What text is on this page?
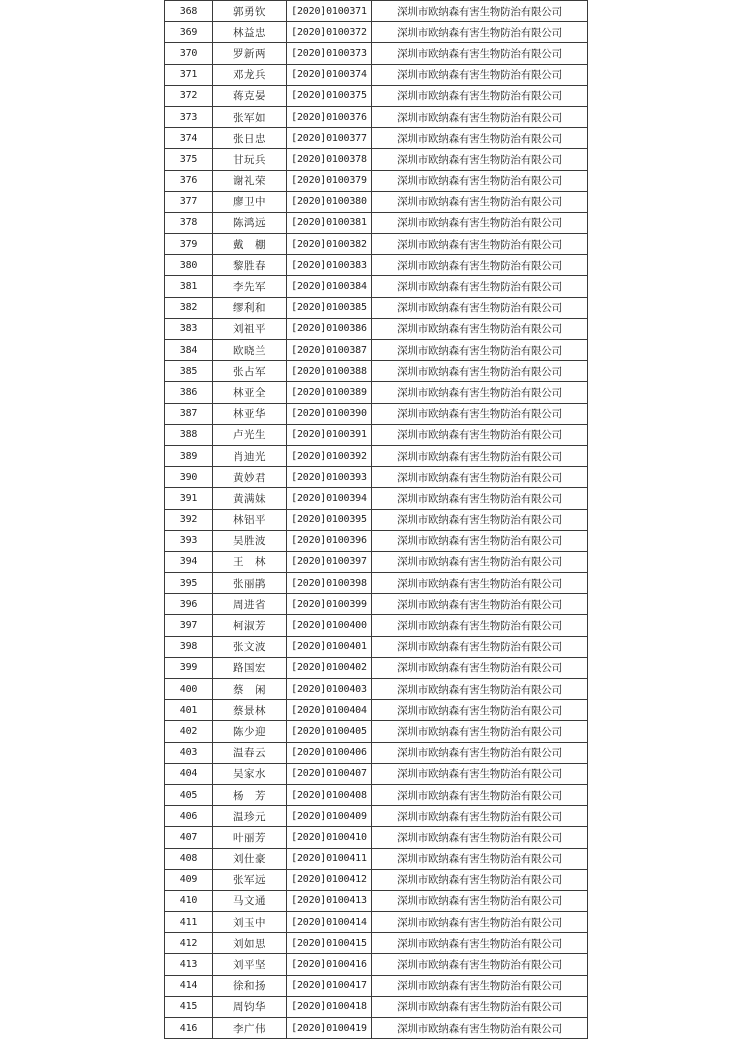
368	郭勇钦	[2020]0100371	深圳市欧纳森有害生物防治有限公司
369	林益忠	[2020]0100372	深圳市欧纳森有害生物防治有限公司
370	罗新两	[2020]0100373	深圳市欧纳森有害生物防治有限公司
371	邓龙兵	[2020]0100374	深圳市欧纳森有害生物防治有限公司
372	蒋克晏	[2020]0100375	深圳市欧纳森有害生物防治有限公司
373	张军如	[2020]0100376	深圳市欧纳森有害生物防治有限公司
374	张日忠	[2020]0100377	深圳市欧纳森有害生物防治有限公司
375	甘玩兵	[2020]0100378	深圳市欧纳森有害生物防治有限公司
376	谢礼荣	[2020]0100379	深圳市欧纳森有害生物防治有限公司
377	廖卫中	[2020]0100380	深圳市欧纳森有害生物防治有限公司
378	陈鸿远	[2020]0100381	深圳市欧纳森有害生物防治有限公司
379	戴　棚	[2020]0100382	深圳市欧纳森有害生物防治有限公司
380	黎胜春	[2020]0100383	深圳市欧纳森有害生物防治有限公司
381	李先军	[2020]0100384	深圳市欧纳森有害生物防治有限公司
382	缪利和	[2020]0100385	深圳市欧纳森有害生物防治有限公司
383	刘祖平	[2020]0100386	深圳市欧纳森有害生物防治有限公司
384	欧晓兰	[2020]0100387	深圳市欧纳森有害生物防治有限公司
385	张占军	[2020]0100388	深圳市欧纳森有害生物防治有限公司
386	林亚全	[2020]0100389	深圳市欧纳森有害生物防治有限公司
387	林亚华	[2020]0100390	深圳市欧纳森有害生物防治有限公司
388	卢光生	[2020]0100391	深圳市欧纳森有害生物防治有限公司
389	肖迪光	[2020]0100392	深圳市欧纳森有害生物防治有限公司
390	黄妙君	[2020]0100393	深圳市欧纳森有害生物防治有限公司
391	黄满妹	[2020]0100394	深圳市欧纳森有害生物防治有限公司
392	林铝平	[2020]0100395	深圳市欧纳森有害生物防治有限公司
393	吴胜波	[2020]0100396	深圳市欧纳森有害生物防治有限公司
394	王　林	[2020]0100397	深圳市欧纳森有害生物防治有限公司
395	张丽鹃	[2020]0100398	深圳市欧纳森有害生物防治有限公司
396	周进省	[2020]0100399	深圳市欧纳森有害生物防治有限公司
397	柯淑芳	[2020]0100400	深圳市欧纳森有害生物防治有限公司
398	张文波	[2020]0100401	深圳市欧纳森有害生物防治有限公司
399	路国宏	[2020]0100402	深圳市欧纳森有害生物防治有限公司
400	蔡　闲	[2020]0100403	深圳市欧纳森有害生物防治有限公司
401	蔡景林	[2020]0100404	深圳市欧纳森有害生物防治有限公司
402	陈少迎	[2020]0100405	深圳市欧纳森有害生物防治有限公司
403	温春云	[2020]0100406	深圳市欧纳森有害生物防治有限公司
404	吴家水	[2020]0100407	深圳市欧纳森有害生物防治有限公司
405	杨　芳	[2020]0100408	深圳市欧纳森有害生物防治有限公司
406	温珍元	[2020]0100409	深圳市欧纳森有害生物防治有限公司
407	叶丽芳	[2020]0100410	深圳市欧纳森有害生物防治有限公司
408	刘仕豪	[2020]0100411	深圳市欧纳森有害生物防治有限公司
409	张军远	[2020]0100412	深圳市欧纳森有害生物防治有限公司
410	马文通	[2020]0100413	深圳市欧纳森有害生物防治有限公司
411	刘玉中	[2020]0100414	深圳市欧纳森有害生物防治有限公司
412	刘如思	[2020]0100415	深圳市欧纳森有害生物防治有限公司
413	刘平坚	[2020]0100416	深圳市欧纳森有害生物防治有限公司
414	徐和扬	[2020]0100417	深圳市欧纳森有害生物防治有限公司
415	周钧华	[2020]0100418	深圳市欧纳森有害生物防治有限公司
416	李广伟	[2020]0100419	深圳市欧纳森有害生物防治有限公司
